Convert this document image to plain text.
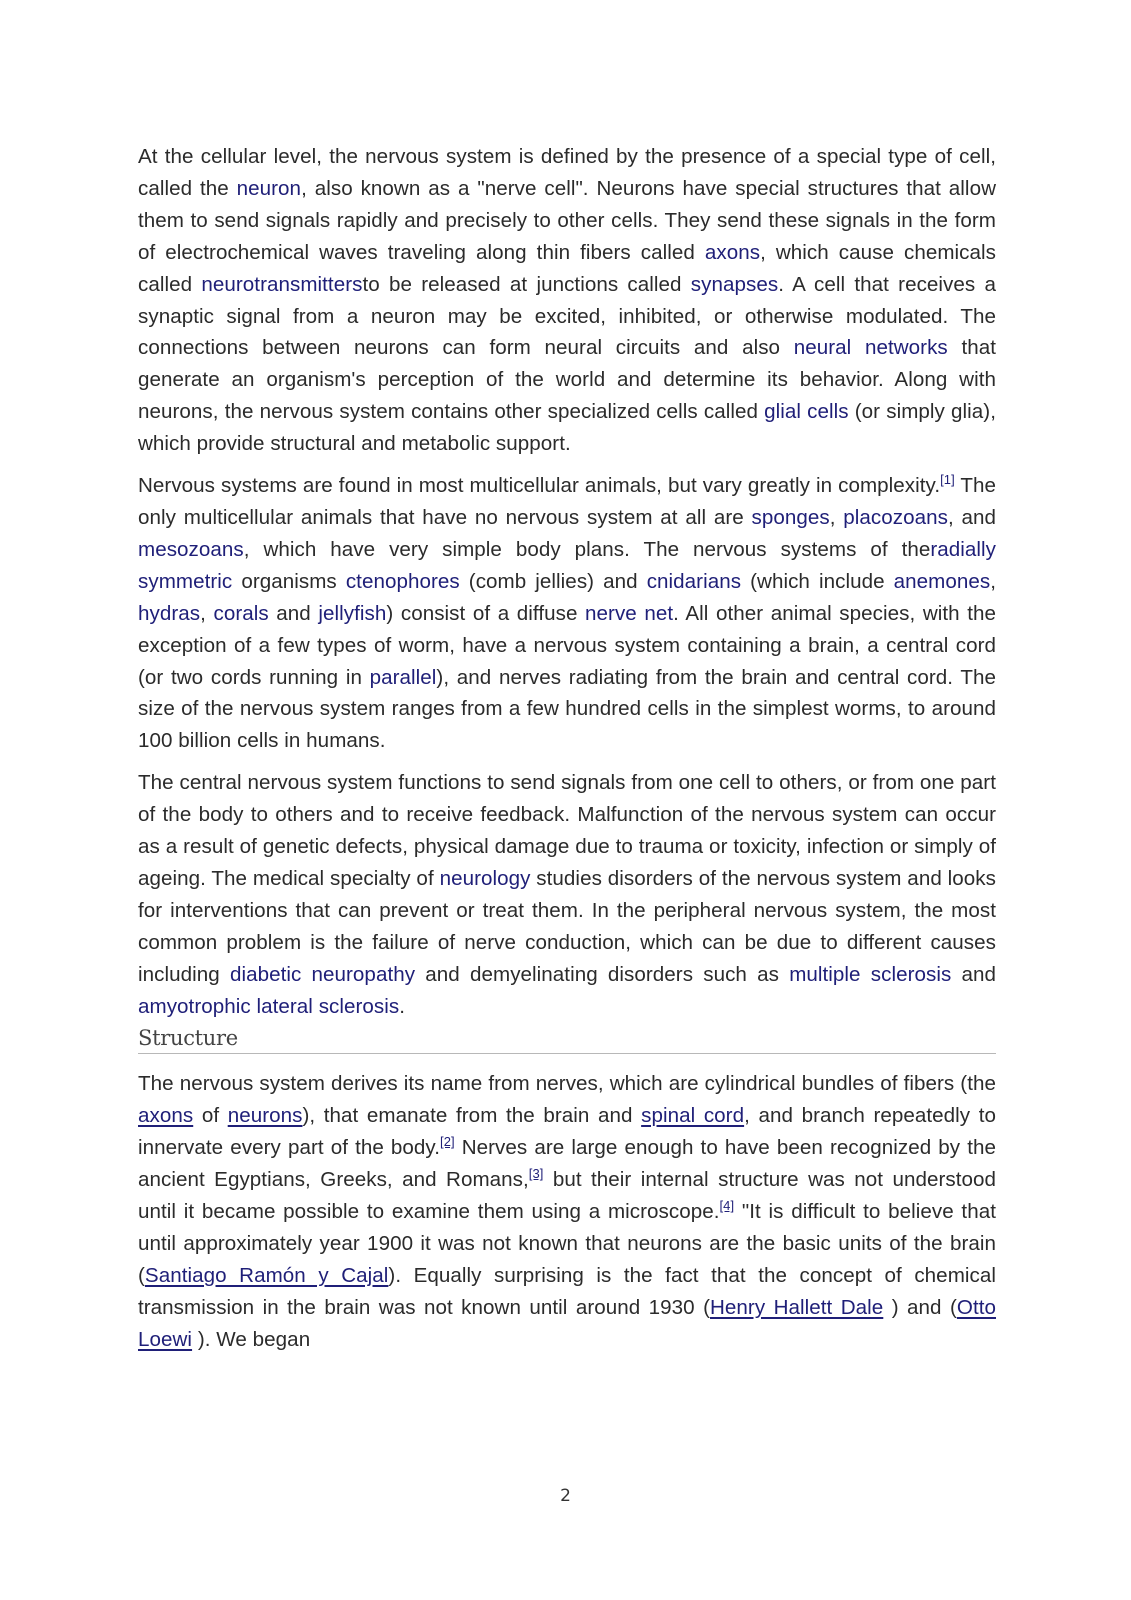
At the cellular level, the nervous system is defined by the presence of a special type of cell, called the neuron, also known as a "nerve cell". Neurons have special structures that allow them to send signals rapidly and precisely to other cells. They send these signals in the form of electrochemical waves traveling along thin fibers called axons, which cause chemicals called neurotransmittersto be released at junctions called synapses. A cell that receives a synaptic signal from a neuron may be excited, inhibited, or otherwise modulated. The connections between neurons can form neural circuits and also neural networks that generate an organism's perception of the world and determine its behavior. Along with neurons, the nervous system contains other specialized cells called glial cells (or simply glia), which provide structural and metabolic support.

Nervous systems are found in most multicellular animals, but vary greatly in complexity.[1] The only multicellular animals that have no nervous system at all are sponges, placozoans, and mesozoans, which have very simple body plans. The nervous systems of theradially symmetric organisms ctenophores (comb jellies) and cnidarians (which include anemones, hydras, corals and jellyfish) consist of a diffuse nerve net. All other animal species, with the exception of a few types of worm, have a nervous system containing a brain, a central cord (or two cords running in parallel), and nerves radiating from the brain and central cord. The size of the nervous system ranges from a few hundred cells in the simplest worms, to around 100 billion cells in humans.

The central nervous system functions to send signals from one cell to others, or from one part of the body to others and to receive feedback. Malfunction of the nervous system can occur as a result of genetic defects, physical damage due to trauma or toxicity, infection or simply of ageing. The medical specialty of neurology studies disorders of the nervous system and looks for interventions that can prevent or treat them. In the peripheral nervous system, the most common problem is the failure of nerve conduction, which can be due to different causes including diabetic neuropathy and demyelinating disorders such as multiple sclerosis and amyotrophic lateral sclerosis.

Structure

The nervous system derives its name from nerves, which are cylindrical bundles of fibers (the axons of neurons), that emanate from the brain and spinal cord, and branch repeatedly to innervate every part of the body.[2] Nerves are large enough to have been recognized by the ancient Egyptians, Greeks, and Romans,[3] but their internal structure was not understood until it became possible to examine them using a microscope.[4] "It is difficult to believe that until approximately year 1900 it was not known that neurons are the basic units of the brain (Santiago Ramón y Cajal). Equally surprising is the fact that the concept of chemical transmission in the brain was not known until around 1930 (Henry Hallett Dale ) and (Otto Loewi ). We began

2
